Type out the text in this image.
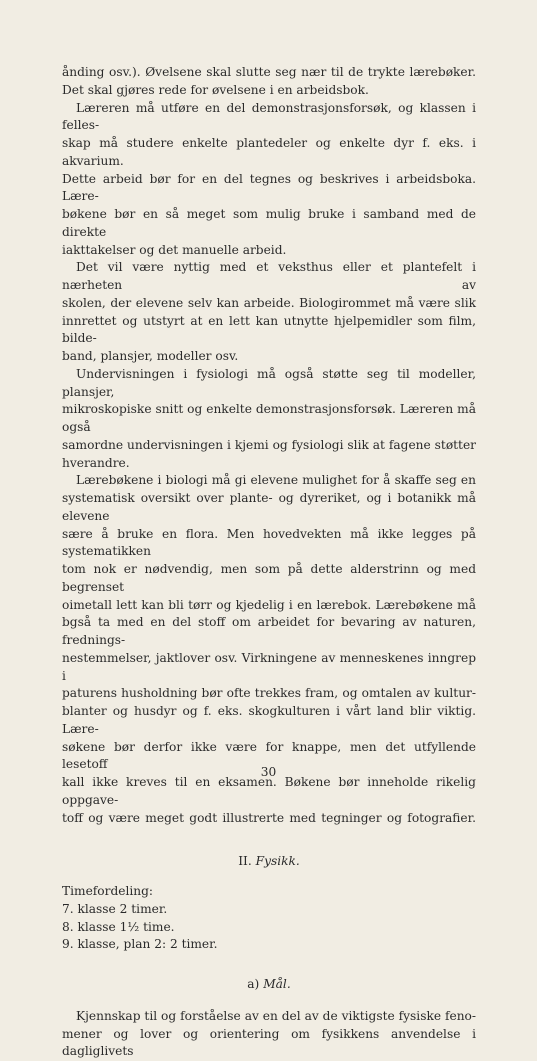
ånding osv.). Øvelsene skal slutte seg nær til de trykte lærebøker.

Det skal gjøres rede for øvelsene i en arbeidsbok.

Læreren må utføre en del demonstrasjonsforsøk, og klassen i felles-

skap må studere enkelte plantedeler og enkelte dyr f. eks. i akvarium.

Dette arbeid bør for en del tegnes og beskrives i arbeidsboka. Lære-

bøkene bør en så meget som mulig bruke i samband med de direkte

iakttakelser og det manuelle arbeid.

Det vil være nyttig med et veksthus eller et plantefelt i nærheten av

skolen, der elevene selv kan arbeide. Biologirommet må være slik

innrettet og utstyrt at en lett kan utnytte hjelpemidler som film, bilde-

band, plansjer, modeller osv.

Undervisningen i fysiologi må også støtte seg til modeller, plansjer,

mikroskopiske snitt og enkelte demonstrasjonsforsøk. Læreren må også

samordne undervisningen i kjemi og fysiologi slik at fagene støtter

hverandre.

Lærebøkene i biologi må gi elevene mulighet for å skaffe seg en

systematisk oversikt over plante- og dyreriket, og i botanikk må elevene

sære å bruke en flora. Men hovedvekten må ikke legges på systematikken

tom nok er nødvendig, men som på dette alderstrinn og med begrenset

oimetall lett kan bli tørr og kjedelig i en lærebok. Lærebøkene må

bgså ta med en del stoff om arbeidet for bevaring av naturen, frednings-

nestemmelser, jaktlover osv. Virkningene av menneskenes inngrep i

paturens husholdning bør ofte trekkes fram, og omtalen av kultur-

blanter og husdyr og f. eks. skogkulturen i vårt land blir viktig. Lære-

søkene bør derfor ikke være for knappe, men det utfyllende lesetoff

kall ikke kreves til en eksamen. Bøkene bør inneholde rikelig oppgave-

toff og være meget godt illustrerte med tegninger og fotografier.

II. Fysikk.

Timefordeling:

7. klasse 2 timer.

8. klasse 1½ time.

9. klasse, plan 2: 2 timer.

a) Mål.

Kjennskap til og forståelse av en del av de viktigste fysiske feno-

mener og lover og orientering om fysikkens anvendelse i dagliglivets

30
